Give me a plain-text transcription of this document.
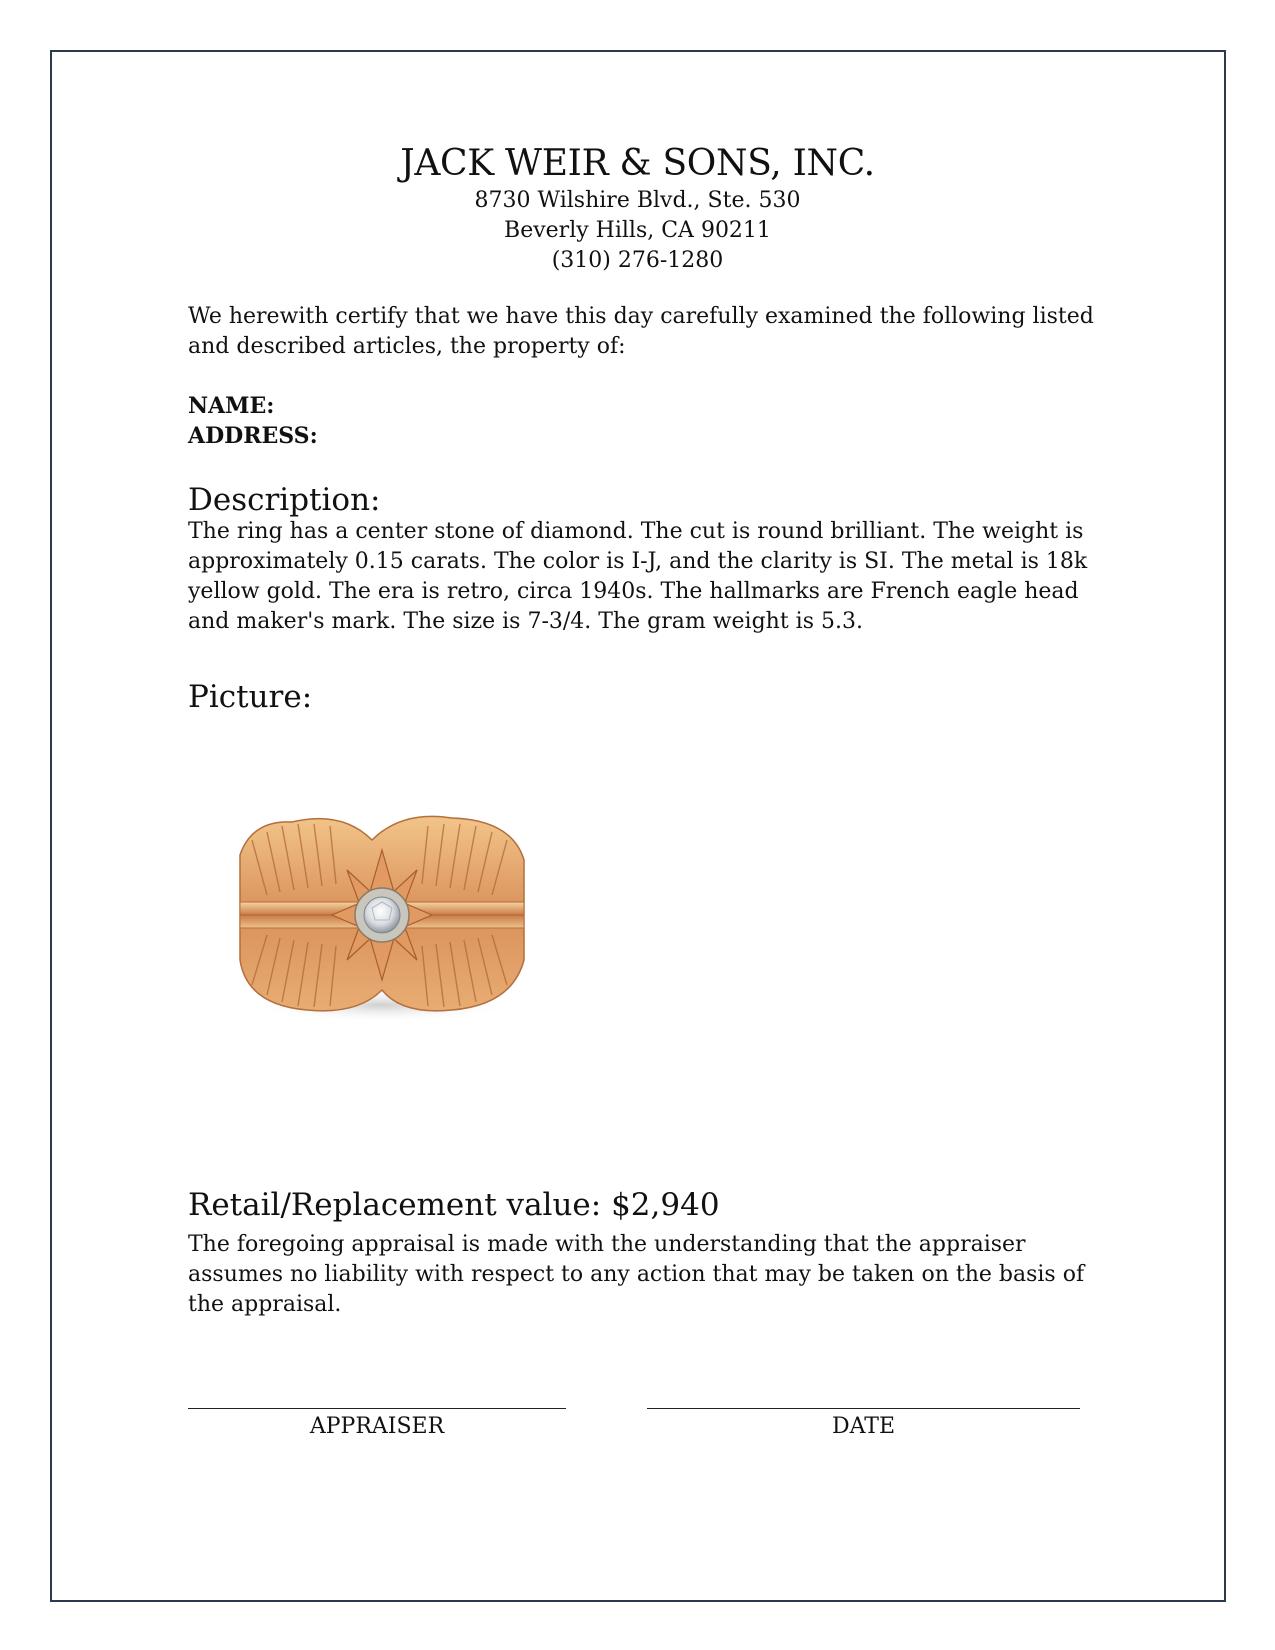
JACK WEIR & SONS, INC.
8730 Wilshire Blvd., Ste. 530
Beverly Hills, CA 90211
(310) 276-1280
We herewith certify that we have this day carefully examined the following listed and described articles, the property of:
NAME:
ADDRESS:
Description:
The ring has a center stone of diamond. The cut is round brilliant. The weight is approximately 0.15 carats. The color is I-J, and the clarity is SI. The metal is 18k yellow gold. The era is retro, circa 1940s. The hallmarks are French eagle head and maker's mark. The size is 7-3/4. The gram weight is 5.3.
Picture:
Retail/Replacement value: $2,940
The foregoing appraisal is made with the understanding that the appraiser assumes no liability with respect to any action that may be taken on the basis of the appraisal.
APPRAISER	DATE
